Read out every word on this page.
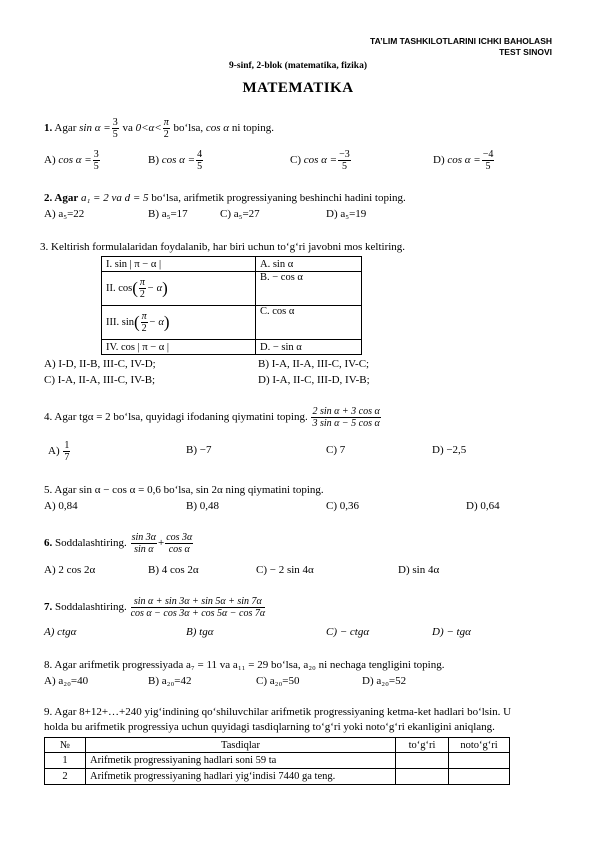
TA’LIM TASHKILOTLARINI ICHKI BAHOLASH
TEST SINOVI
9-sinf, 2-blok (matematika, fizika)
MATEMATIKA
1. Agar $\sin \alpha = \frac{3}{5}$ va $0<\alpha< \frac{\pi}{2}$ bo‘lsa, cos α ni toping.
A) $\cos \alpha = \frac{3}{5}$	B) $\cos \alpha = \frac{4}{5}$	C) $\cos \alpha = \frac{-3}{5}$	D) $\cos \alpha = \frac{-4}{5}$
2. Agar a₁ = 2 va d = 5 bo‘lsa, arifmetik progressiyaning beshinchi hadini toping.
A) a₅=22	B) a₅=17	C) a₅=27	D) a₅=19
3. Keltirish formulalaridan foydalanib, har biri uchun to‘g‘ri javobni mos keltiring.
I. sin | π − α |	A. sin α
II. $\cos( \frac{\pi}{2} - \alpha)$	B. − cos α
III. $\sin( \frac{\pi}{2} - \alpha)$	C. cos α
IV. cos | π − α |	D. − sin α
A) I-D, II-B, III-C, IV-D;	B) I-A, II-A, III-C, IV-C;
C) I-A, II-A, III-C, IV-B;	D) I-A, II-C, III-D, IV-B;
4. Agar tgα = 2 bo‘lsa, quyidagi ifodaning qiymatini toping. $\frac{\text{2 sin α + 3 cos α}}{\text{3 sin α − 5 cos α}}$
$A) \frac{1}{7}$	B) −7	C) 7	D) −2,5
5. Agar sin α − cos α = 0,6 bo‘lsa, sin 2α ning qiymatini toping.
A) 0,84	B) 0,48	C) 0,36	D) 0,64
6. Soddalashtiring. $\frac{\sin 3\alpha}{\text{sin α}} + \frac{\cos 3\alpha}{\text{cos α}}$
A) 2 cos 2α	B) 4 cos 2α	C) − 2 sin 4α	D) sin 4α
7. Soddalashtiring. $\frac{\text{sin α + sin 3α + sin 5α + sin 7α}}{\text{cos α − cos 3α + cos 5α − cos 7α}}$
A) ctgα	B) tgα	C) − ctgα	D) − tgα
8. Agar arifmetik progressiyada a₇ = 11 va a₁₁ = 29 bo‘lsa, a₂₀ ni nechaga tengligini toping.
A) a₂₀=40	B) a₂₀=42	C) a₂₀=50	D) a₂₀=52
9. Agar 8+12+…+240 yig‘indining qo‘shiluvchilar arifmetik progressiyaning ketma-ket hadlari bo‘lsin. U
holda bu arifmetik progressiya uchun quyidagi tasdiqlarning to‘g‘ri yoki noto‘g‘ri ekanligini aniqlang.
№	Tasdiqlar	to‘g‘ri	noto‘g‘ri
1	Arifmetik progressiyaning hadlari soni 59 ta		
2	Arifmetik progressiyaning hadlari yig‘indisi 7440 ga teng.		
